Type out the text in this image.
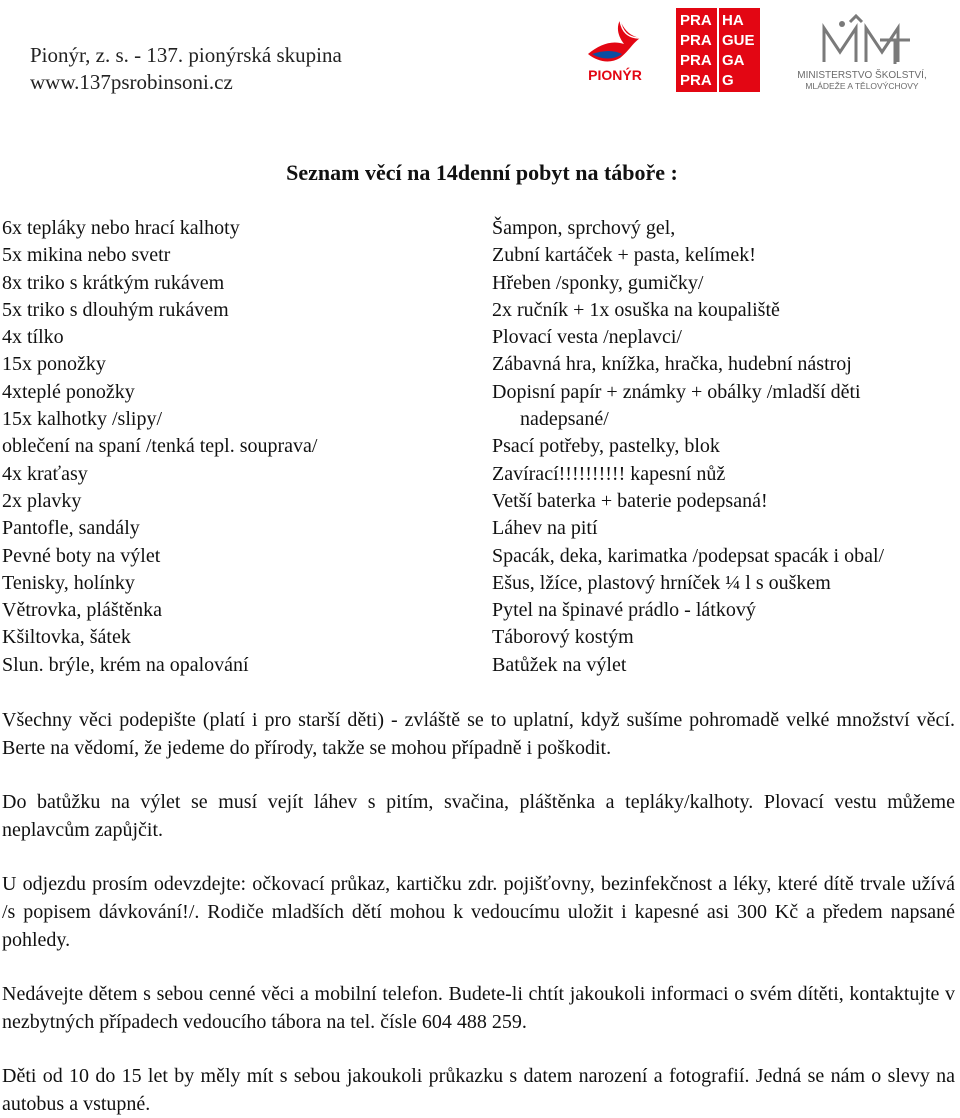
Pionýr, z. s. - 137. pionýrská skupina
www.137psrobinsoni.cz	PIONÝR
PRA HA
PRA GUE
PRA GA
PRA G	MINISTERSTVO ŠKOLSTVÍ,
MLÁDEŽE A TĚLOVÝCHOVY
Seznam věcí na 14denní pobyt na táboře :
6x tepláky nebo hrací kalhoty
5x mikina nebo svetr
8x triko s krátkým rukávem
5x triko s dlouhým rukávem
4x tílko
15x ponožky
4xteplé ponožky
15x kalhotky /slipy/
oblečení na spaní /tenká tepl. souprava/
4x kraťasy
2x plavky
Pantofle, sandály
Pevné boty na výlet
Tenisky, holínky
Větrovka, pláštěnka
Kšiltovka, šátek
Slun. brýle, krém na opalování
Šampon, sprchový gel,
Zubní kartáček + pasta, kelímek!
Hřeben /sponky, gumičky/
2x ručník + 1x osuška na koupaliště
Plovací vesta /neplavci/
Zábavná hra, knížka, hračka, hudební nástroj
Dopisní papír + známky + obálky /mladší děti
nadepsané/
Psací potřeby, pastelky, blok
Zavírací!!!!!!!!!! kapesní nůž
Vetší baterka + baterie podepsaná!
Láhev na pití
Spacák, deka, karimatka /podepsat spacák i obal/
Ešus, lžíce, plastový hrníček ¼ l s ouškem
Pytel na špinavé prádlo - látkový
Táborový kostým
Batůžek na výlet

Všechny věci podepište (platí i pro starší děti) - zvláště se to uplatní, když sušíme pohromadě velké množství věcí. Berte na vědomí, že jedeme do přírody, takže se mohou případně i poškodit.

Do batůžku na výlet se musí vejít láhev s pitím, svačina, pláštěnka a tepláky/kalhoty. Plovací vestu můžeme neplavcům zapůjčit.

U odjezdu prosím odevzdejte: očkovací průkaz, kartičku zdr. pojišťovny, bezinfekčnost a léky, které dítě trvale užívá /s popisem dávkování!/. Rodiče mladších dětí mohou k vedoucímu uložit i kapesné asi 300 Kč a předem napsané pohledy.

Nedávejte dětem s sebou cenné věci a mobilní telefon. Budete-li chtít jakoukoli informaci o svém dítěti, kontaktujte v nezbytných případech vedoucího tábora na tel. čísle 604 488 259.

Děti od 10 do 15 let by měly mít s sebou jakoukoli průkazku s datem narození a fotografií. Jedná se nám o slevy na autobus a vstupné.
